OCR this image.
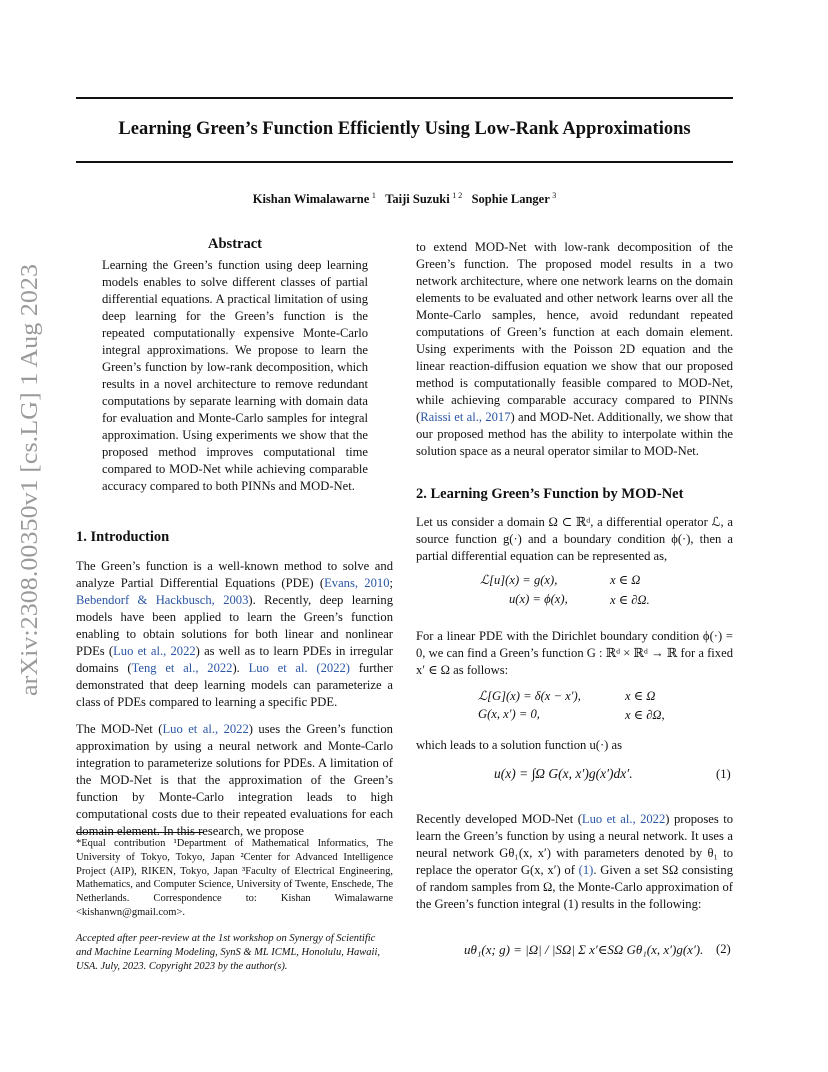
Learning Green’s Function Efficiently Using Low-Rank Approximations
Kishan Wimalawarne  $^1$ Taiji Suzuki  $^{1 2}$ Sophie Langer  $^3$
arXiv:2308.00350v1 [cs.LG] 1 Aug 2023
Abstract

Learning the Green’s function using deep learning models enables to solve different classes of partial differential equations. A practical limitation of using deep learning for the Green’s function is the repeated computationally expensive Monte-Carlo integral approximations. We propose to learn the Green’s function by low-rank decomposition, which results in a novel architecture to remove redundant computations by separate learning with domain data for evaluation and Monte-Carlo samples for integral approximation. Using experiments we show that the proposed method improves computational time compared to MOD-Net while achieving comparable accuracy compared to both PINNs and MOD-Net.

1. Introduction

The Green’s function is a well-known method to solve and analyze Partial Differential Equations (PDE) (Evans, 2010; Bebendorf & Hackbusch, 2003). Recently, deep learning models have been applied to learn the Green’s function enabling to obtain solutions for both linear and nonlinear PDEs (Luo et al., 2022) as well as to learn PDEs in irregular domains (Teng et al., 2022). Luo et al. (2022) further demonstrated that deep learning models can parameterize a class of PDEs compared to learning a specific PDE.

The MOD-Net (Luo et al., 2022) uses the Green’s function approximation by using a neural network and Monte-Carlo integration to parameterize solutions for PDEs. A limitation of the MOD-Net is that the approximation of the Green’s function by Monte-Carlo integration leads to high computational costs due to their repeated evaluations for each domain element. In this research, we propose

*Equal contribution ¹Department of Mathematical Informatics, The University of Tokyo, Tokyo, Japan ²Center for Advanced Intelligence Project (AIP), RIKEN, Tokyo, Japan ³Faculty of Electrical Engineering, Mathematics, and Computer Science, University of Twente, Enschede, The Netherlands. Correspondence to: Kishan Wimalawarne <kishanwn@gmail.com>.
Accepted after peer-review at the 1st workshop on Synergy of Scientific and Machine Learning Modeling, SynS & ML ICML, Honolulu, Hawaii, USA. July, 2023. Copyright 2023 by the author(s).

to extend MOD-Net with low-rank decomposition of the Green’s function. The proposed model results in a two network architecture, where one network learns on the domain elements to be evaluated and other network learns over all the Monte-Carlo samples, hence, avoid redundant repeated computations of Green’s function at each domain element. Using experiments with the Poisson 2D equation and the linear reaction-diffusion equation we show that our proposed method is computationally feasible compared to MOD-Net, while achieving comparable accuracy compared to PINNs (Raissi et al., 2017) and MOD-Net. Additionally, we show that our proposed method has the ability to interpolate within the solution space as a neural operator similar to MOD-Net.

2. Learning Green’s Function by MOD-Net

Let us consider a domain Ω ⊂ ℝᵈ, a differential operator ℒ, a source function g(·) and a boundary condition ϕ(·), then a partial differential equation can be represented as,

ℒ[u](x) = g(x),	x ∈ Ω
u(x) = ϕ(x),	x ∈ ∂Ω.

For a linear PDE with the Dirichlet boundary condition ϕ(·) = 0, we can find a Green’s function G : ℝᵈ × ℝᵈ → ℝ for a fixed x′ ∈ Ω as follows:

ℒ[G](x) = δ(x − x′),	x ∈ Ω
G(x, x′) = 0,	x ∈ ∂Ω,

which leads to a solution function u(·) as

u(x) = ∫Ω G(x, x′)g(x′)dx′.	(1)

Recently developed MOD-Net (Luo et al., 2022) proposes to learn the Green’s function by using a neural network. It uses a neural network Gθ₁(x, x′) with parameters denoted by θ₁ to replace the operator G(x, x′) of (1). Given a set SΩ consisting of random samples from Ω, the Monte-Carlo approximation of the Green’s function integral (1) results in the following:

uθ₁(x; g) = |Ω| / |SΩ| Σ x′∈SΩ Gθ₁(x, x′)g(x′). (2)
